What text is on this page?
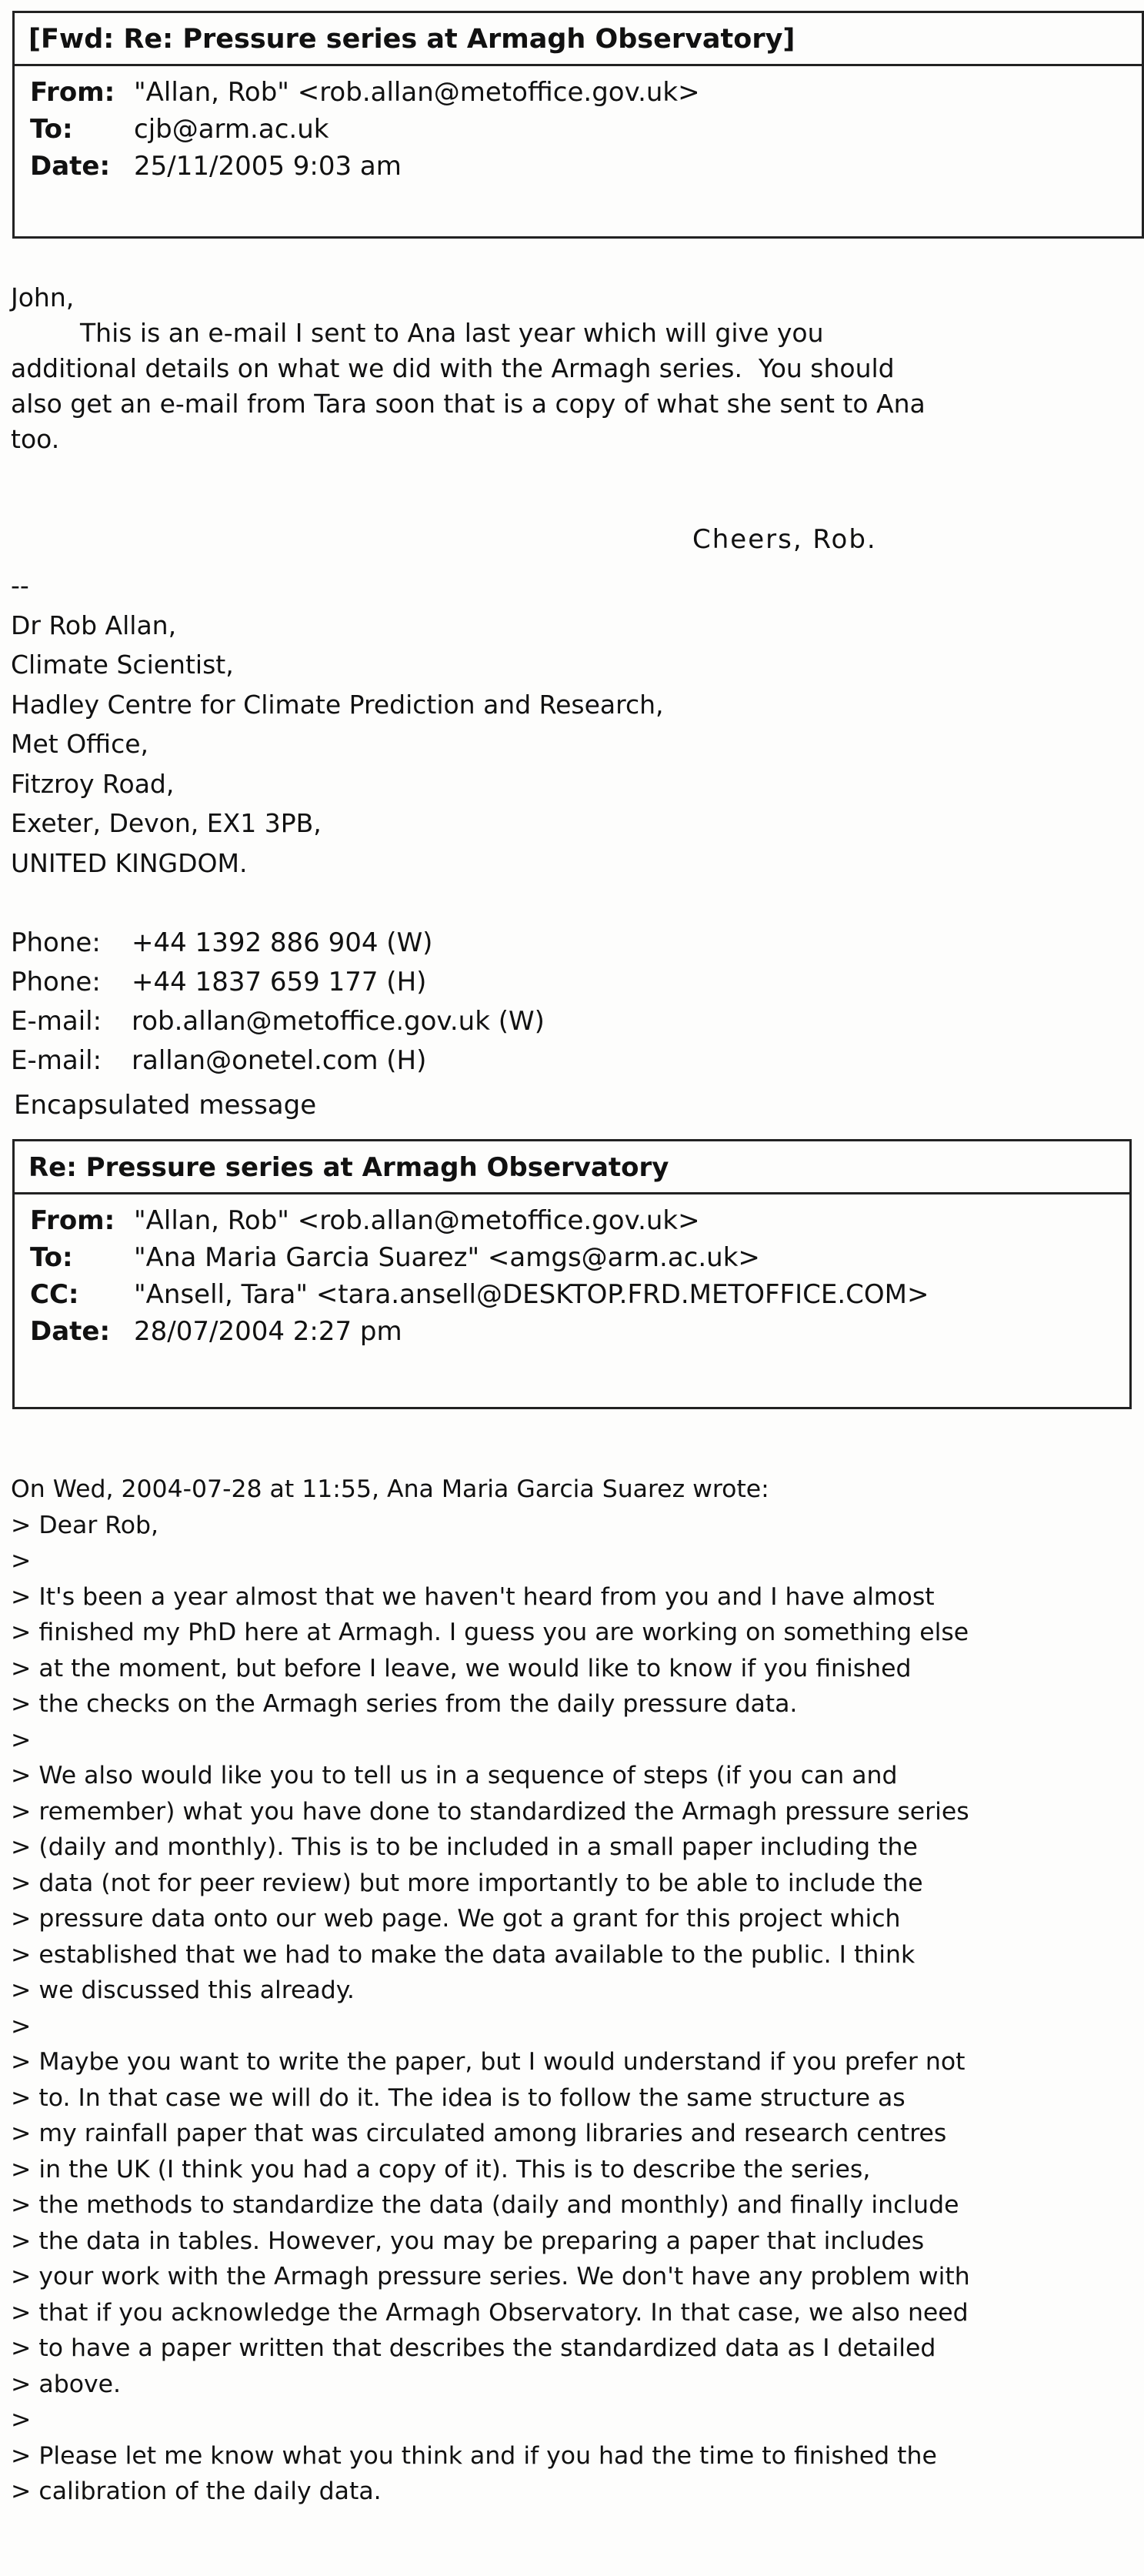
[Fwd: Re: Pressure series at Armagh Observatory]
From:	"Allan, Rob" <rob.allan@metoffice.gov.uk>
To:	cjb@arm.ac.uk
Date:	25/11/2005 9:03 am
John,
This is an e-mail I sent to Ana last year which will give you
additional details on what we did with the Armagh series.  You should
also get an e-mail from Tara soon that is a copy of what she sent to Ana
too.
Cheers, Rob.
--
Dr Rob Allan,
Climate Scientist,
Hadley Centre for Climate Prediction and Research,
Met Office,
Fitzroy Road,
Exeter, Devon, EX1 3PB,
UNITED KINGDOM.
Phone:	+44 1392 886 904 (W)
Phone:	+44 1837 659 177 (H)
E-mail:	rob.allan@metoffice.gov.uk (W)
E-mail:	rallan@onetel.com (H)
Encapsulated message
Re: Pressure series at Armagh Observatory
From:	"Allan, Rob" <rob.allan@metoffice.gov.uk>
To:	"Ana Maria Garcia Suarez" <amgs@arm.ac.uk>
CC:	"Ansell, Tara" <tara.ansell@DESKTOP.FRD.METOFFICE.COM>
Date:	28/07/2004 2:27 pm
On Wed, 2004-07-28 at 11:55, Ana Maria Garcia Suarez wrote:
> Dear Rob,
>
> It's been a year almost that we haven't heard from you and I have almost
> finished my PhD here at Armagh. I guess you are working on something else
> at the moment, but before I leave, we would like to know if you finished
> the checks on the Armagh series from the daily pressure data.
>
> We also would like you to tell us in a sequence of steps (if you can and
> remember) what you have done to standardized the Armagh pressure series
> (daily and monthly). This is to be included in a small paper including the
> data (not for peer review) but more importantly to be able to include the
> pressure data onto our web page. We got a grant for this project which
> established that we had to make the data available to the public. I think
> we discussed this already.
>
> Maybe you want to write the paper, but I would understand if you prefer not
> to. In that case we will do it. The idea is to follow the same structure as
> my rainfall paper that was circulated among libraries and research centres
> in the UK (I think you had a copy of it). This is to describe the series,
> the methods to standardize the data (daily and monthly) and finally include
> the data in tables. However, you may be preparing a paper that includes
> your work with the Armagh pressure series. We don't have any problem with
> that if you acknowledge the Armagh Observatory. In that case, we also need
> to have a paper written that describes the standardized data as I detailed
> above.
>
> Please let me know what you think and if you had the time to finished the
> calibration of the daily data.
